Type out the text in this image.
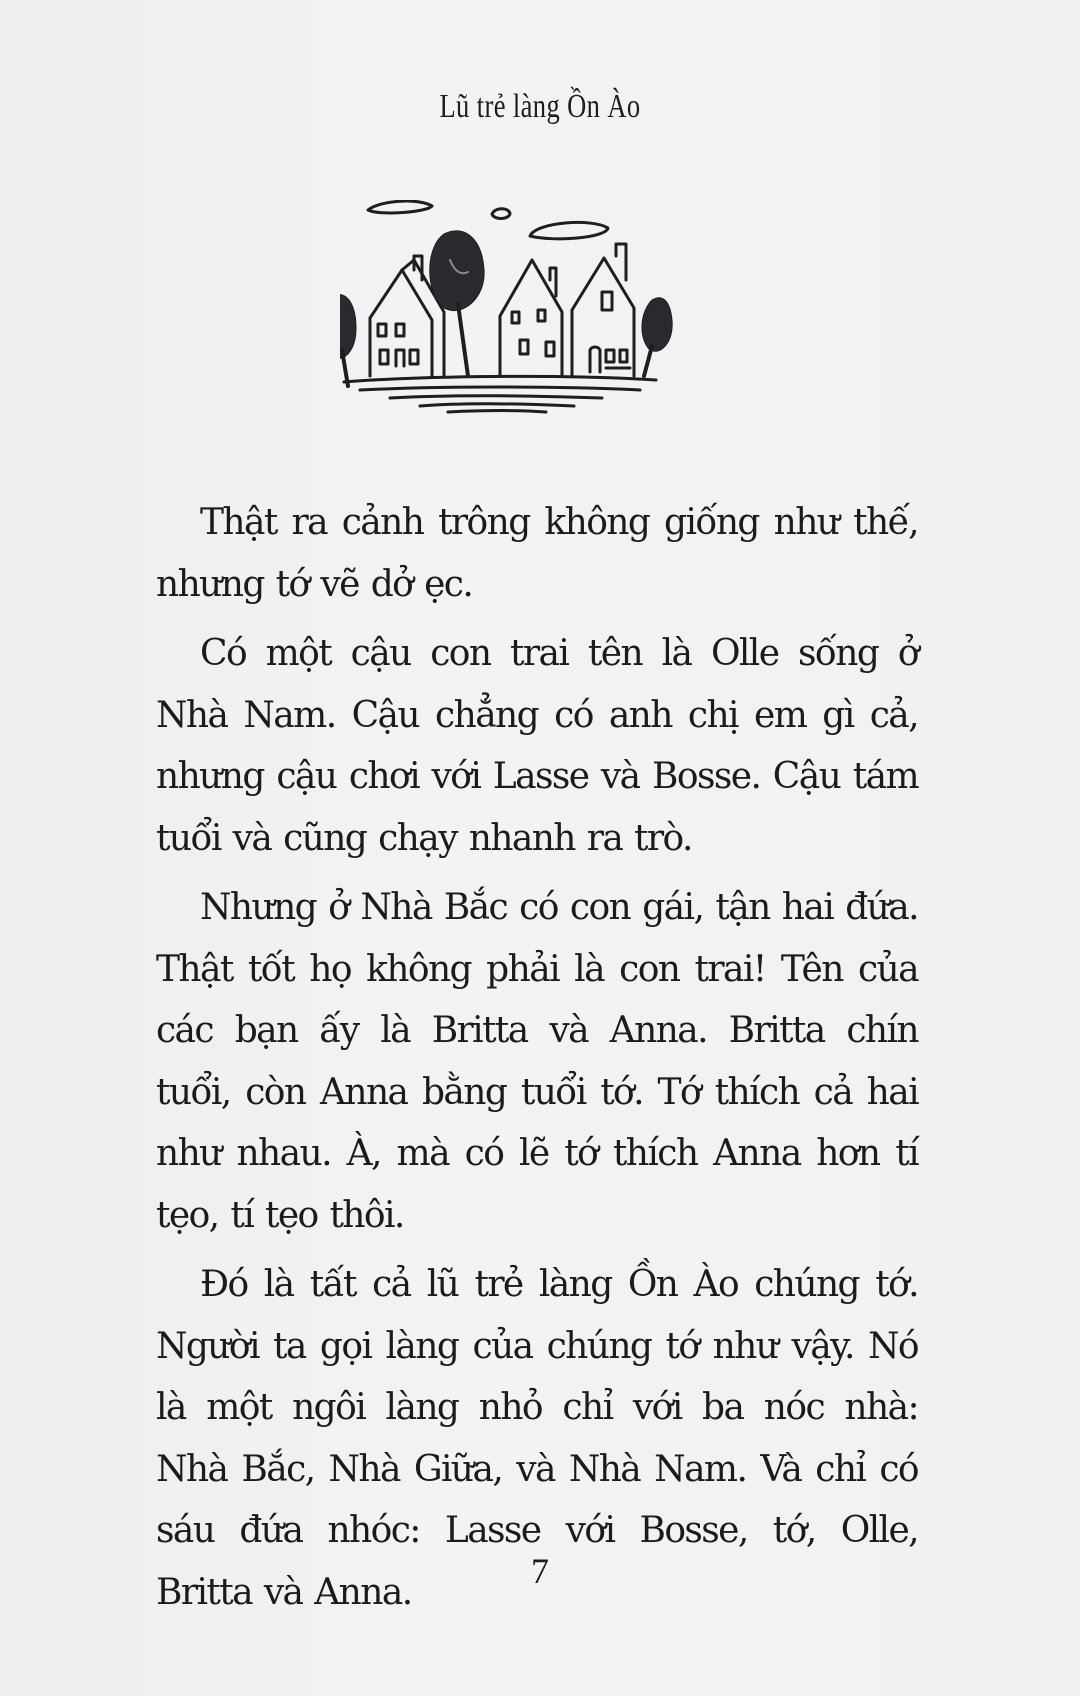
Lũ trẻ làng Ồn Ào

Thật ra cảnh trông không giống như thế, nhưng tớ vẽ dở ẹc.

Có một cậu con trai tên là Olle sống ở Nhà Nam. Cậu chẳng có anh chị em gì cả, nhưng cậu chơi với Lasse và Bosse. Cậu tám tuổi và cũng chạy nhanh ra trò.

Nhưng ở Nhà Bắc có con gái, tận hai đứa. Thật tốt họ không phải là con trai! Tên của các bạn ấy là Britta và Anna. Britta chín tuổi, còn Anna bằng tuổi tớ. Tớ thích cả hai như nhau. À, mà có lẽ tớ thích Anna hơn tí tẹo, tí tẹo thôi.

Đó là tất cả lũ trẻ làng Ồn Ào chúng tớ. Người ta gọi làng của chúng tớ như vậy. Nó là một ngôi làng nhỏ chỉ với ba nóc nhà: Nhà Bắc, Nhà Giữa, và Nhà Nam. Và chỉ có sáu đứa nhóc: Lasse với Bosse, tớ, Olle, Britta và Anna.

7
